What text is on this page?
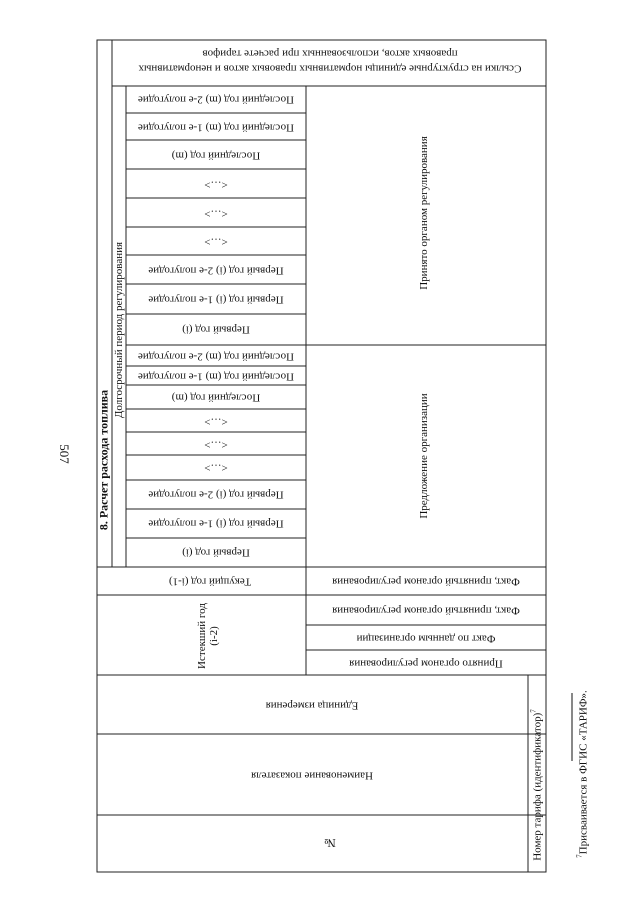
507 8. Расчет расхода топлива
Долгосрочный период регулирования
Ссылки на структурные единицы нормативных правовых актов и ненормативных
правовых актов, использованных при расчете тарифов
Принято органом регулирования
Предложение организации
Последний год (m) 2-е полугодие
Последний год (m) 1-е полугодие
Последний год (m)
<…>
<…>
<…>
Первый год (i) 2-е полугодие
Первый год (i) 1-е полугодие
Первый год (i)
Последний год (m) 2-е полугодие
Последний год (m) 1-е полугодие
Последний год (m)
<…>
<…>
<…>
Первый год (i) 2-е полугодие
Первый год (i) 1-е полугодие
Первый год (i)
Текущий год (i-1)	Факт, принятый органом регулирования
Истекший год (i-2)
Факт, принятый органом регулирования
Факт по данным организации
Принято органом регулирования
Единица измерения
Наименование показателя
№	Номер тарифа (идентификатор)$^7$
$^7$Присваивается в ФГИС «ТАРИФ».
